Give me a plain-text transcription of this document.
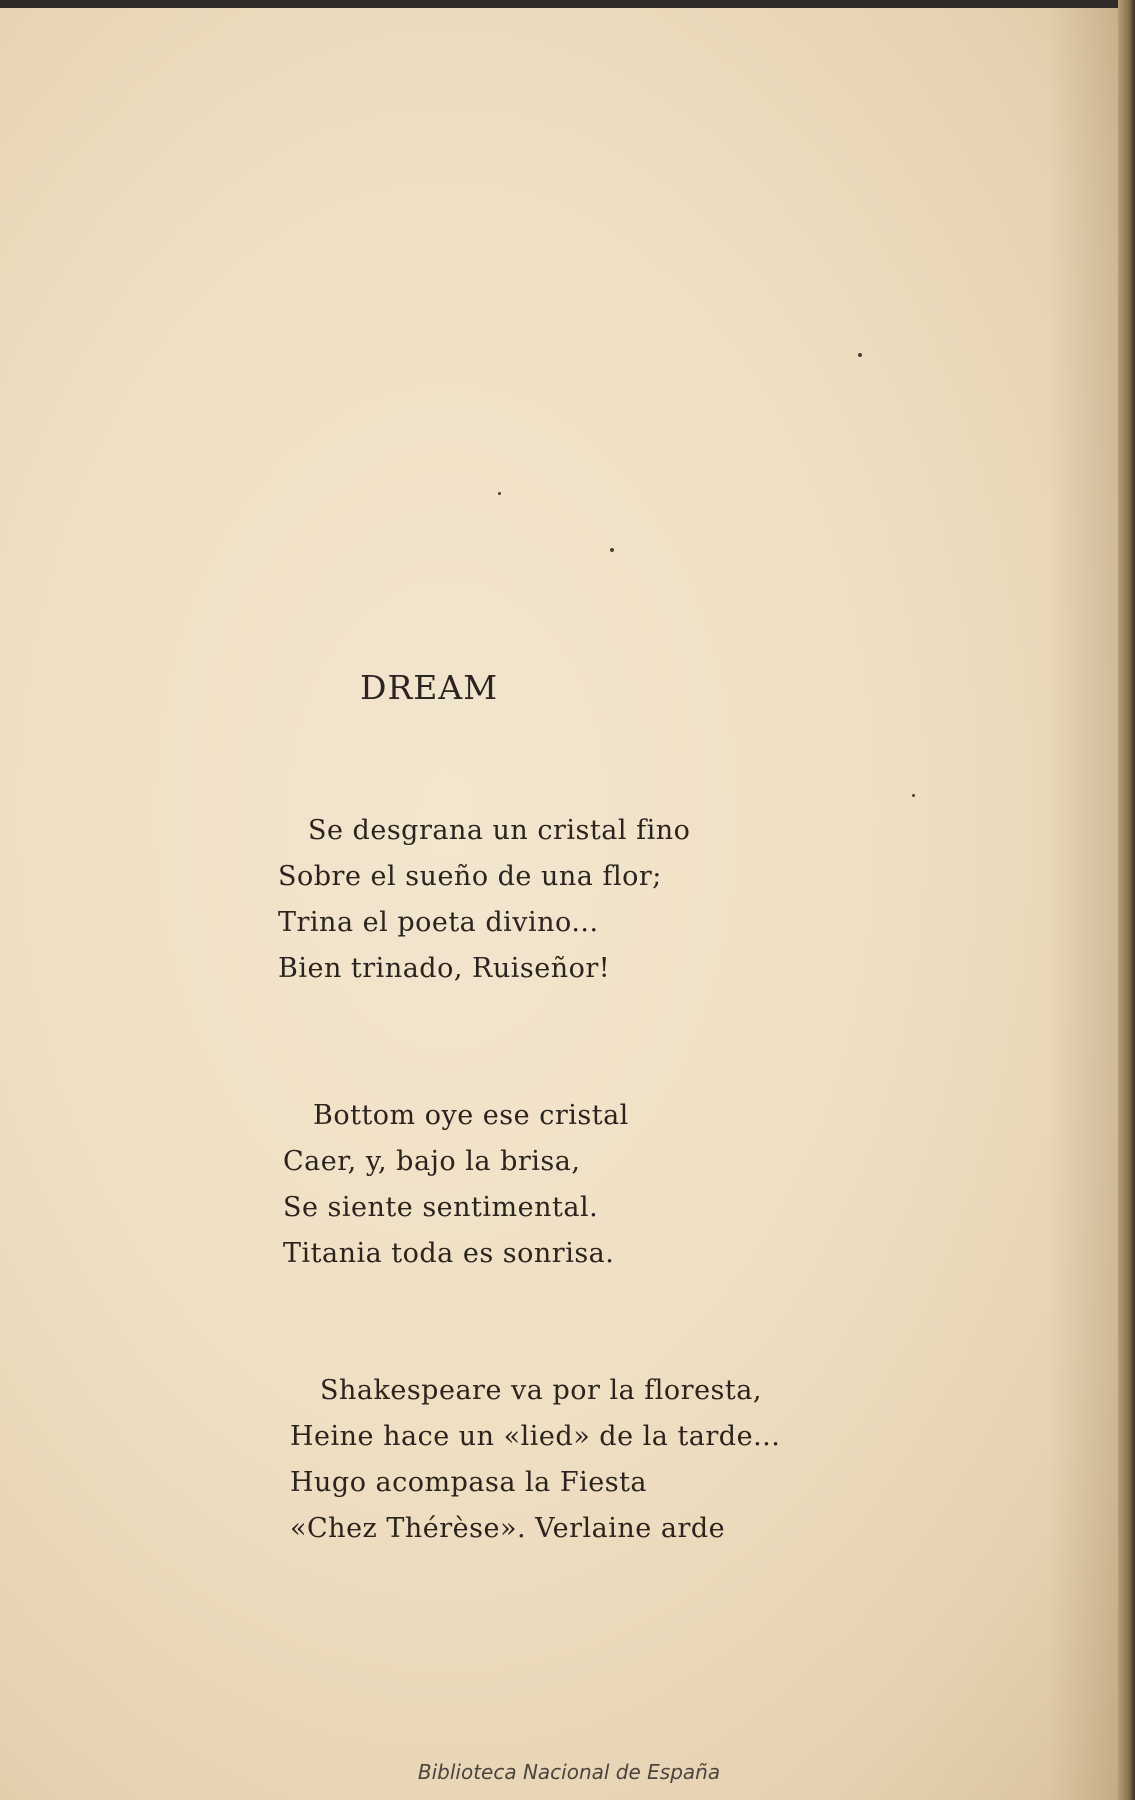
DREAM
Se desgrana un cristal fino
Sobre el sueño de una flor;
Trina el poeta divino...
Bien trinado, Ruiseñor!
Bottom oye ese cristal
Caer, y, bajo la brisa,
Se siente sentimental.
Titania toda es sonrisa.
Shakespeare va por la floresta,
Heine hace un «lied» de la tarde...
Hugo acompasa la Fiesta
«Chez Thérèse». Verlaine arde
Biblioteca Nacional de España
